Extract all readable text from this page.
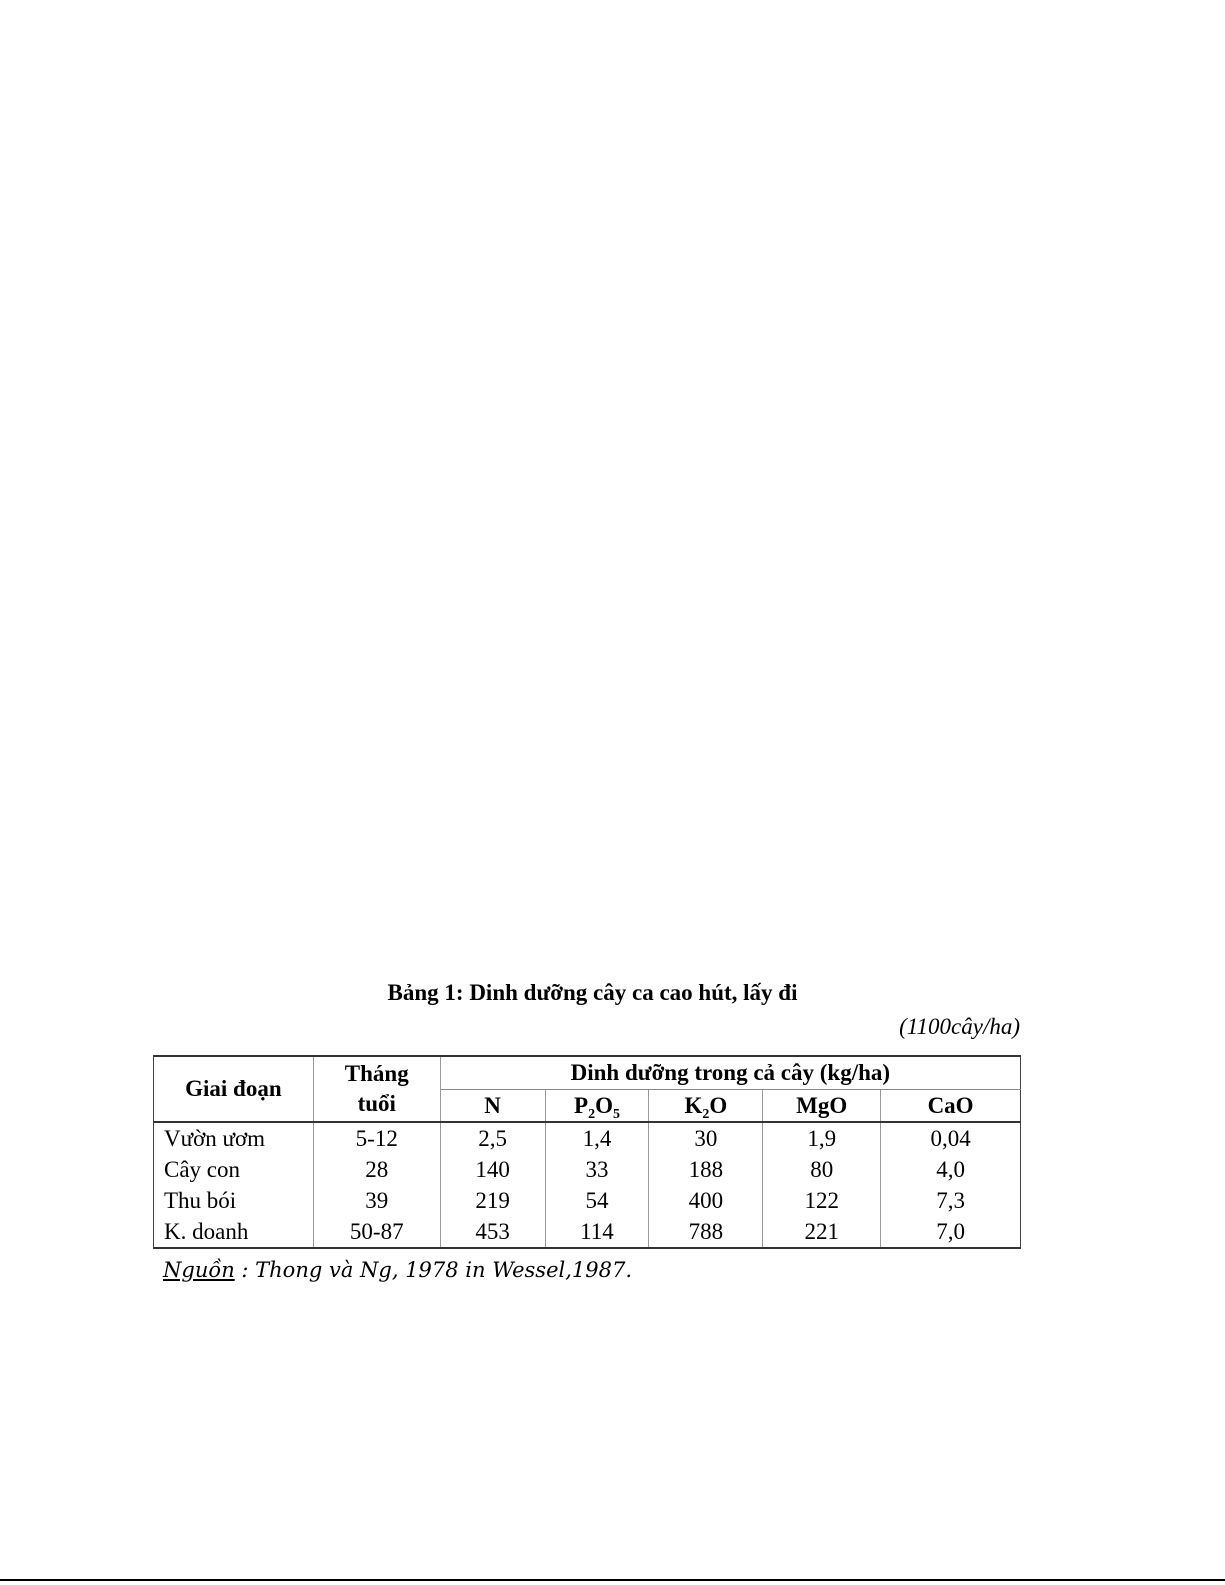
Bảng 1: Dinh dưỡng cây ca cao hút, lấy đi

(1100cây/ha)

Giai đoạn	Tháng tuổi	Dinh dưỡng trong cả cây (kg/ha)				
		N	$P_2O_5$	$K_2O$	MgO	CaO
Vườn ươm	5-12	2,5	1,4	30	1,9	0,04
Cây con	28	140	33	188	80	4,0
Thu bói	39	219	54	400	122	7,3
K. doanh	50-87	453	114	788	221	7,0

Nguồn : Thong và Ng, 1978 in Wessel,1987.
